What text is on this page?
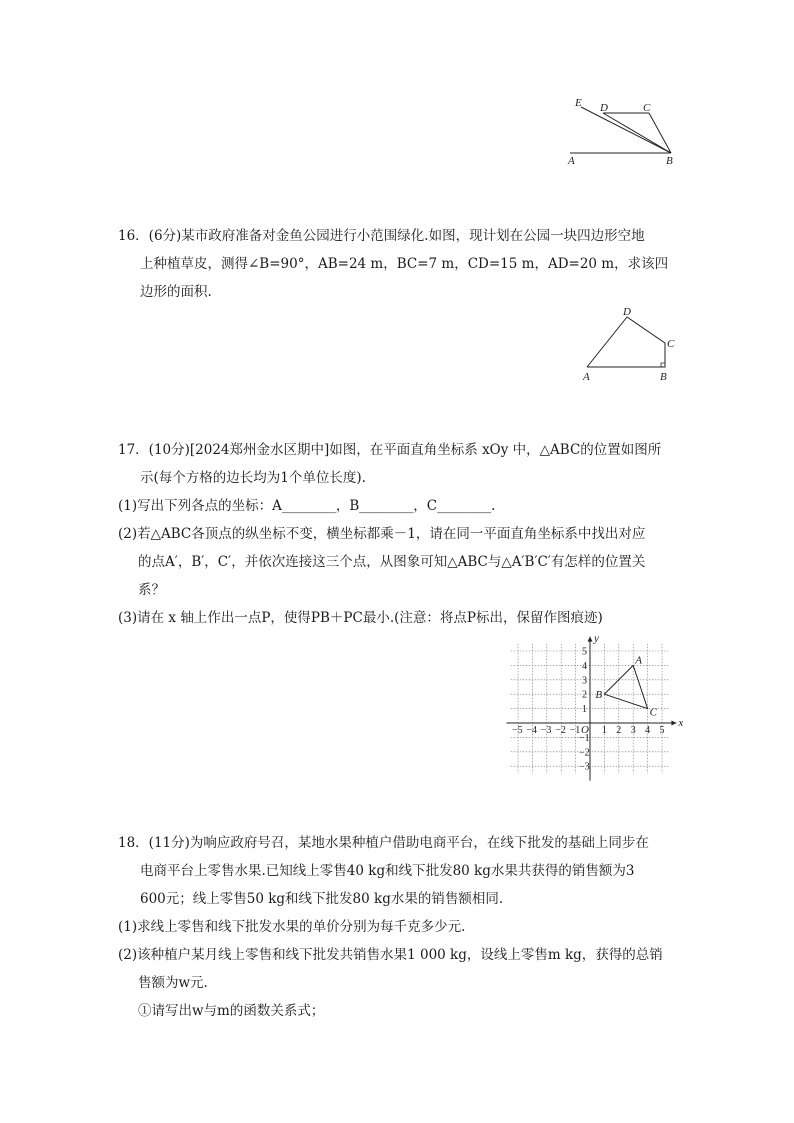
E D	C
A	B

16．(6分)某市政府准备对金鱼公园进行小范围绿化.如图，现计划在公园一块四边形空地

上种植草皮，测得∠B=90°，AB=24 m，BC=7 m，CD=15 m，AD=20 m，求该四

边形的面积.

D
C
A	B

17．(10分)[2024郑州金水区期中]如图，在平面直角坐标系 xOy 中，△ABC的位置如图所

示(每个方格的边长均为1个单位长度).

(1)写出下列各点的坐标：A________，B________，C________.

(2)若△ABC各顶点的纵坐标不变，横坐标都乘－1，请在同一平面直角坐标系中找出对应

的点A′，B′，C′，并依次连接这三个点，从图象可知△ABC与△A′B′C′有怎样的位置关

系？

(3)请在 x 轴上作出一点P，使得PB＋PC最小.(注意：将点P标出，保留作图痕迹)

A
B
C
x
y
O
−5 −4 −3 −2 −1 1 2 3 4 5
5
4
3
2
1
−1
−2
−3

18．(11分)为响应政府号召，某地水果种植户借助电商平台，在线下批发的基础上同步在

电商平台上零售水果.已知线上零售40 kg和线下批发80 kg水果共获得的销售额为3

600元；线上零售50 kg和线下批发80 kg水果的销售额相同.

(1)求线上零售和线下批发水果的单价分别为每千克多少元.

(2)该种植户某月线上零售和线下批发共销售水果1 000 kg，设线上零售m kg，获得的总销

售额为w元.

①请写出w与m的函数关系式；
